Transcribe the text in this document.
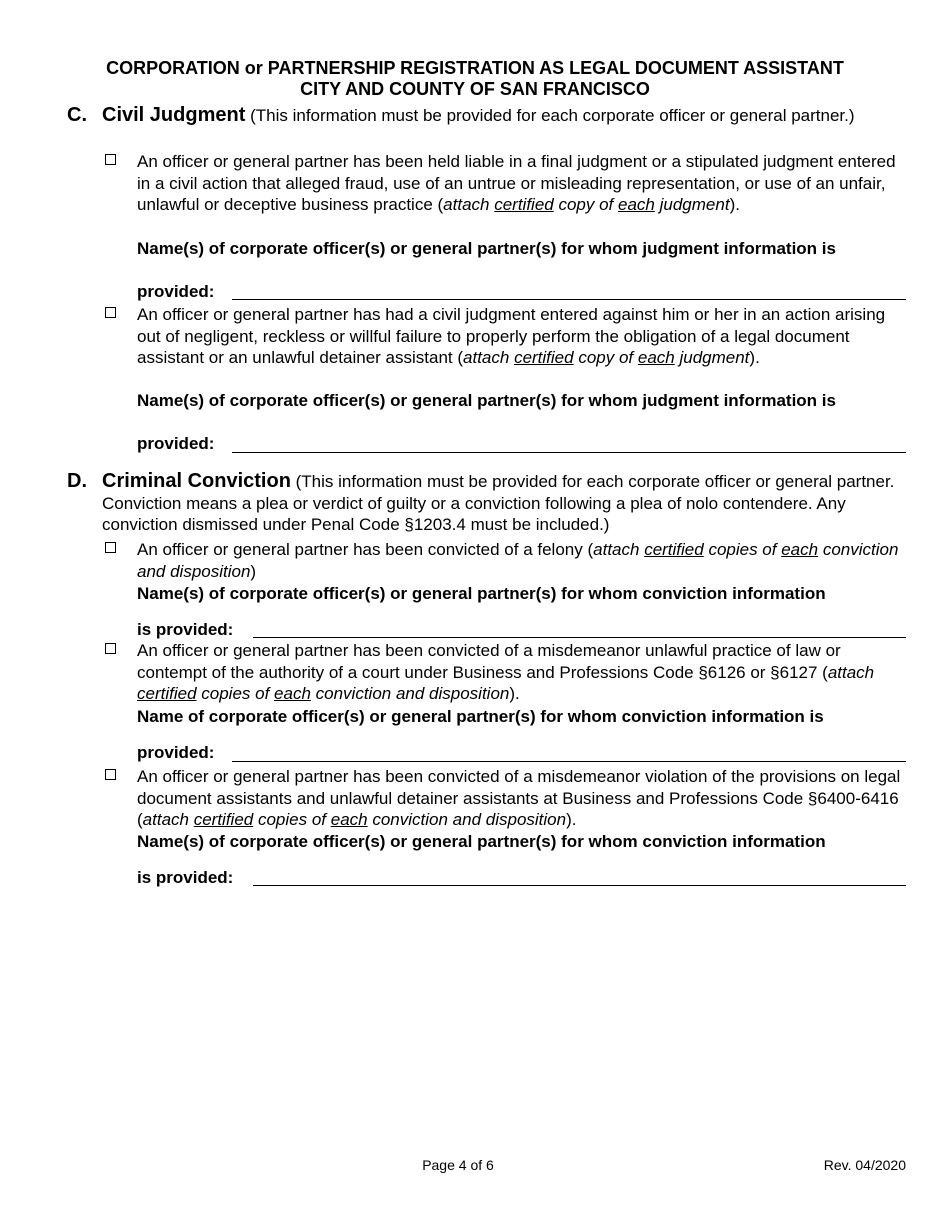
CORPORATION or PARTNERSHIP REGISTRATION AS LEGAL DOCUMENT ASSISTANT
CITY AND COUNTY OF SAN FRANCISCO
C. Civil Judgment (This information must be provided for each corporate officer or general partner.)
An officer or general partner has been held liable in a final judgment or a stipulated judgment entered in a civil action that alleged fraud, use of an untrue or misleading representation, or use of an unfair, unlawful or deceptive business practice (attach certified copy of each judgment).
Name(s) of corporate officer(s) or general partner(s) for whom judgment information is
provided:
An officer or general partner has had a civil judgment entered against him or her in an action arising out of negligent, reckless or willful failure to properly perform the obligation of a legal document assistant or an unlawful detainer assistant (attach certified copy of each judgment).
Name(s) of corporate officer(s) or general partner(s) for whom judgment information is
provided:
D. Criminal Conviction (This information must be provided for each corporate officer or general partner. Conviction means a plea or verdict of guilty or a conviction following a plea of nolo contendere. Any conviction dismissed under Penal Code §1203.4 must be included.)
An officer or general partner has been convicted of a felony (attach certified copies of each conviction and disposition)
Name(s) of corporate officer(s) or general partner(s) for whom conviction information
is provided:
An officer or general partner has been convicted of a misdemeanor unlawful practice of law or contempt of the authority of a court under Business and Professions Code §6126 or §6127 (attach certified copies of each conviction and disposition).
Name of corporate officer(s) or general partner(s) for whom conviction information is
provided:
An officer or general partner has been convicted of a misdemeanor violation of the provisions on legal document assistants and unlawful detainer assistants at Business and Professions Code §6400-6416 (attach certified copies of each conviction and disposition).
Name(s) of corporate officer(s) or general partner(s) for whom conviction information
is provided:
Page 4 of 6	Rev. 04/2020
